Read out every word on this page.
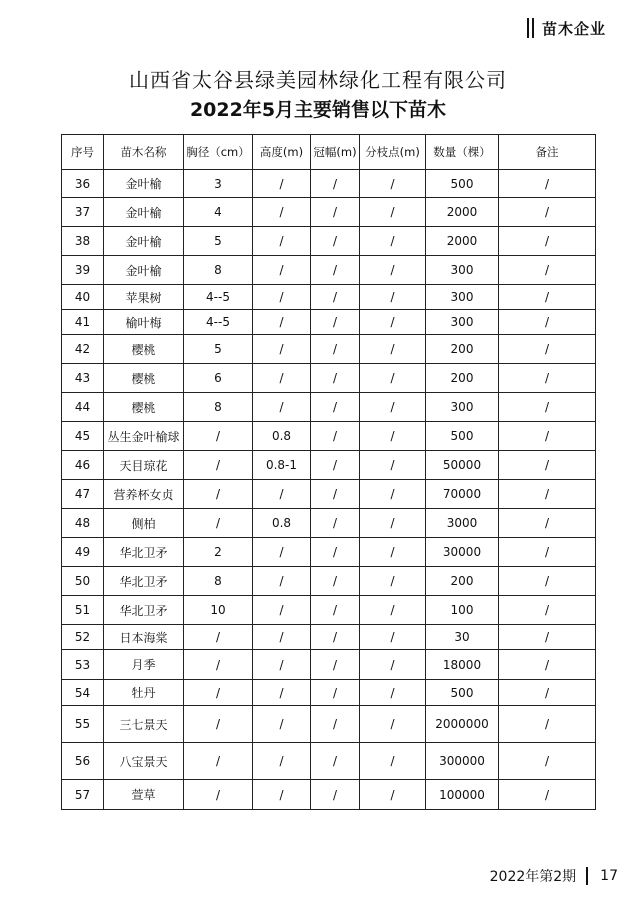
苗木企业
山西省太谷县绿美园林绿化工程有限公司
2022年5月主要销售以下苗木
序号	苗木名称	胸径（cm）	高度(m)	冠幅(m)	分枝点(m)	数量（棵）	备注
36	金叶榆	3	/	/	/	500	/
37	金叶榆	4	/	/	/	2000	/
38	金叶榆	5	/	/	/	2000	/
39	金叶榆	8	/	/	/	300	/
40	苹果树	4--5	/	/	/	300	/
41	榆叶梅	4--5	/	/	/	300	/
42	樱桃	5	/	/	/	200	/
43	樱桃	6	/	/	/	200	/
44	樱桃	8	/	/	/	300	/
45	丛生金叶榆球	/	0.8	/	/	500	/
46	天目琼花	/	0.8-1	/	/	50000	/
47	营养杯女贞	/	/	/	/	70000	/
48	侧柏	/	0.8	/	/	3000	/
49	华北卫矛	2	/	/	/	30000	/
50	华北卫矛	8	/	/	/	200	/
51	华北卫矛	10	/	/	/	100	/
52	日本海棠	/	/	/	/	30	/
53	月季	/	/	/	/	18000	/
54	牡丹	/	/	/	/	500	/
55	三七景天	/	/	/	/	2000000	/
56	八宝景天	/	/	/	/	300000	/
57	萱草	/	/	/	/	100000	/
2022年第2期 17
